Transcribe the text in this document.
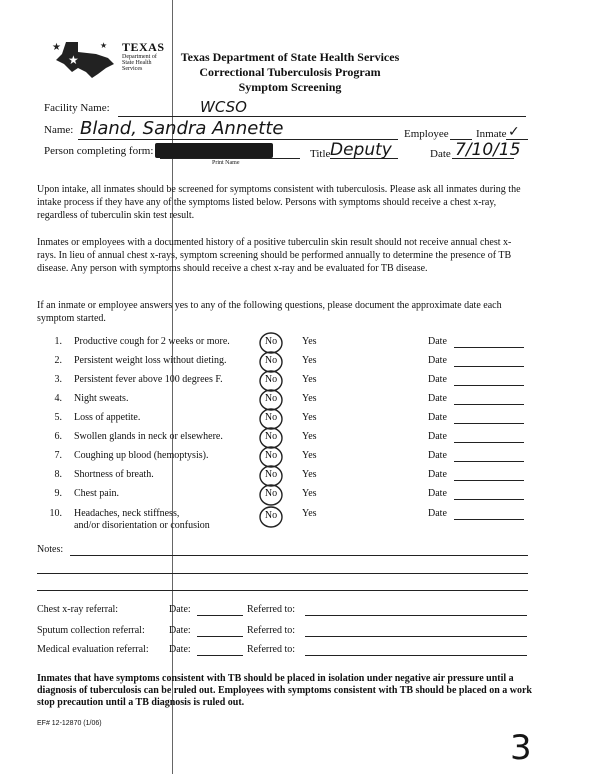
★
★
★ TEXAS
Department of State Health Services
Texas Department of State Health Services
Correctional Tuberculosis Program
Symptom Screening
Facility Name:	WCSO
Name: Bland, Sandra Annette	Employee Inmate ✓
Person completing form:
Print Name
Title Deputy	Date 7/10/15
Upon intake, all inmates should be screened for symptoms consistent with tuberculosis. Please ask all inmates during the intake process if they have any of the symptoms listed below. Persons with symptoms should receive a chest x-ray, regardless of tuberculin skin test result.
Inmates or employees with a documented history of a positive tuberculin skin result should not receive annual chest x-rays. In lieu of annual chest x-rays, symptom screening should be performed annually to determine the presence of TB disease. Any person with symptoms should receive a chest x-ray and be evaluated for TB disease.
If an inmate or employee answers yes to any of the following questions, please document the approximate date each symptom started.
1. Productive cough for 2 weeks or more.	No	Yes	Date
2. Persistent weight loss without dieting.	No	Yes	Date
3. Persistent fever above 100 degrees F.	No	Yes	Date
4. Night sweats.	No	Yes	Date
5. Loss of appetite.	No	Yes	Date
6. Swollen glands in neck or elsewhere.	No	Yes	Date
7. Coughing up blood (hemoptysis).	No	Yes	Date
8. Shortness of breath.	No	Yes	Date
9. Chest pain.	No	Yes	Date
10. Headaches, neck stiffness,
and/or disorientation or confusion
No	Yes	Date
Notes:
Chest x-ray referral:	Date:	Referred to:
Sputum collection referral: Date:	Referred to:
Medical evaluation referral: Date:	Referred to:
Inmates that have symptoms consistent with TB should be placed in isolation under negative air pressure until a diagnosis of tuberculosis can be ruled out. Employees with symptoms consistent with TB should be placed on a work stop precaution until a TB diagnosis is ruled out.
EF# 12-12870 (1/06)
3
